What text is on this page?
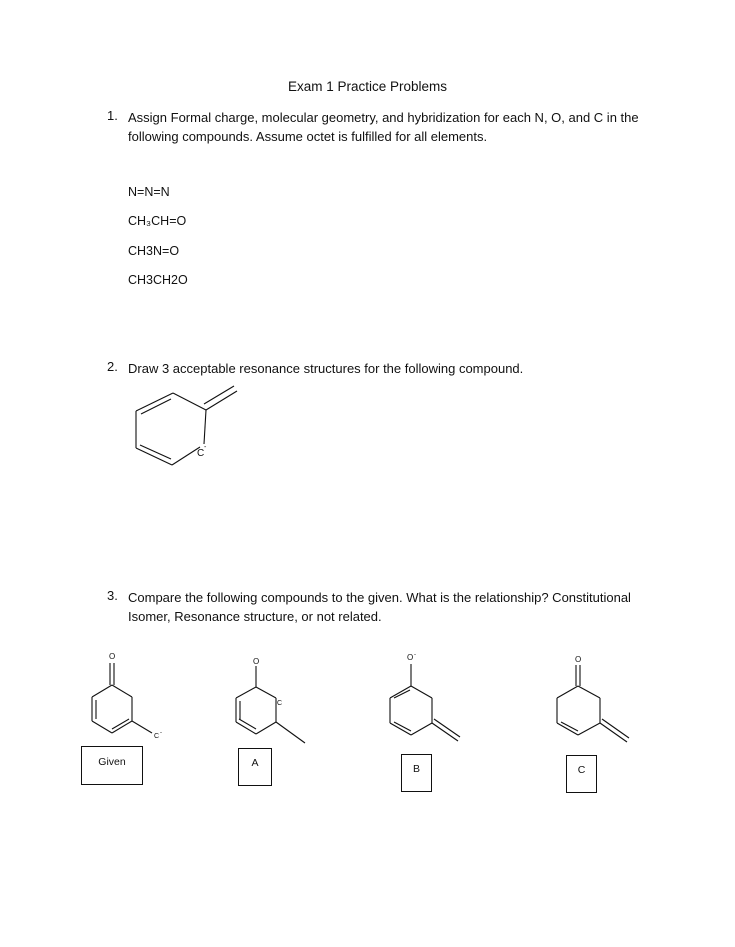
Exam 1 Practice Problems
1. Assign Formal charge, molecular geometry, and hybridization for each N, O, and C in the
following compounds. Assume octet is fulfilled for all elements.
N=N=N
CH₃CH=O
CH3N=O
CH3CH2O
2. Draw 3 acceptable resonance structures for the following compound.
C
-
3. Compare the following compounds to the given. What is the relationship? Constitutional
Isomer, Resonance structure, or not related.
O
C -
Given
O
C
A
O -
B
O
C
